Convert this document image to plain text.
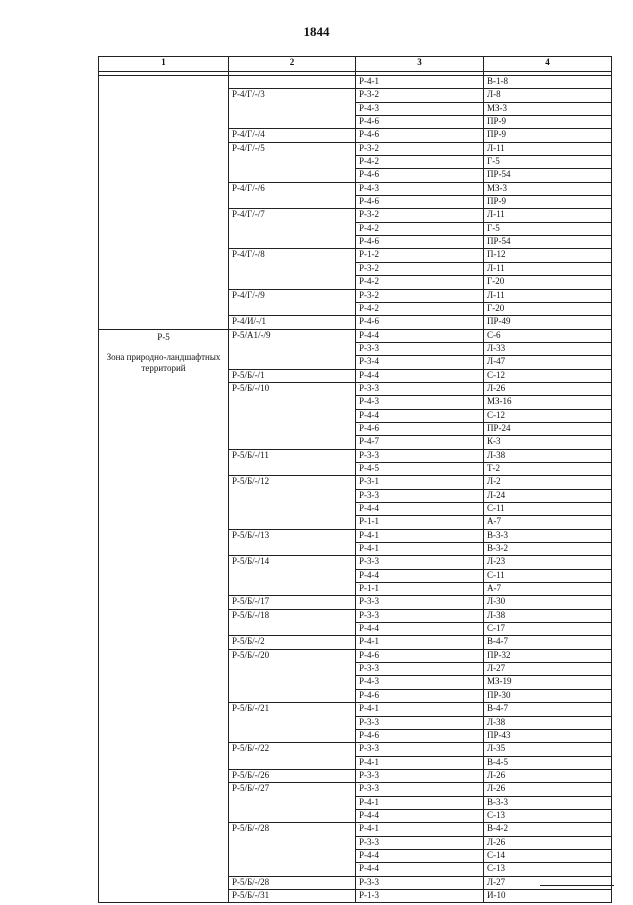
1844
1	2	3	4

		Р-4-1	В-1-8
	Р-4/Г/-/3	Р-3-2	Л-8
		Р-4-3	МЗ-3
		Р-4-6	ПР-9
	Р-4/Г/-/4	Р-4-6	ПР-9
	Р-4/Г/-/5	Р-3-2	Л-11
		Р-4-2	Г-5
		Р-4-6	ПР-54
	Р-4/Г/-/6	Р-4-3	МЗ-3
		Р-4-6	ПР-9
	Р-4/Г/-/7	Р-3-2	Л-11
		Р-4-2	Г-5
		Р-4-6	ПР-54
	Р-4/Г/-/8	Р-1-2	П-12
		Р-3-2	Л-11
		Р-4-2	Г-20
	Р-4/Г/-/9	Р-3-2	Л-11
		Р-4-2	Г-20
	Р-4/И/-/1	Р-4-6	ПР-49

Р-5
Зона природно-ландшафтных территорий	Р-5/А1/-/9	Р-4-4	С-6
		Р-3-3	Л-33
		Р-3-4	Л-47
	Р-5/Б/-/1	Р-4-4	С-12
	Р-5/Б/-/10	Р-3-3	Л-26
		Р-4-3	МЗ-16
		Р-4-4	С-12
		Р-4-6	ПР-24
		Р-4-7	К-3
	Р-5/Б/-/11	Р-3-3	Л-38
		Р-4-5	Т-2
	Р-5/Б/-/12	Р-3-1	Л-2
		Р-3-3	Л-24
		Р-4-4	С-11
		Р-1-1	А-7
	Р-5/Б/-/13	Р-4-1	В-3-3
		Р-4-1	В-3-2
	Р-5/Б/-/14	Р-3-3	Л-23
		Р-4-4	С-11
		Р-1-1	А-7
	Р-5/Б/-/17	Р-3-3	Л-30
	Р-5/Б/-/18	Р-3-3	Л-38
		Р-4-4	С-17
	Р-5/Б/-/2	Р-4-1	В-4-7
	Р-5/Б/-/20	Р-4-6	ПР-32
		Р-3-3	Л-27
		Р-4-3	МЗ-19
		Р-4-6	ПР-30
	Р-5/Б/-/21	Р-4-1	В-4-7
		Р-3-3	Л-38
		Р-4-6	ПР-43
	Р-5/Б/-/22	Р-3-3	Л-35
		Р-4-1	В-4-5
	Р-5/Б/-/26	Р-3-3	Л-26
	Р-5/Б/-/27	Р-3-3	Л-26
		Р-4-1	В-3-3
		Р-4-4	С-13
	Р-5/Б/-/28	Р-4-1	В-4-2
		Р-3-3	Л-26
		Р-4-4	С-14
		Р-4-4	С-13
	Р-5/Б/-/28	Р-3-3	Л-27
	Р-5/Б/-/31	Р-1-3	И-10
